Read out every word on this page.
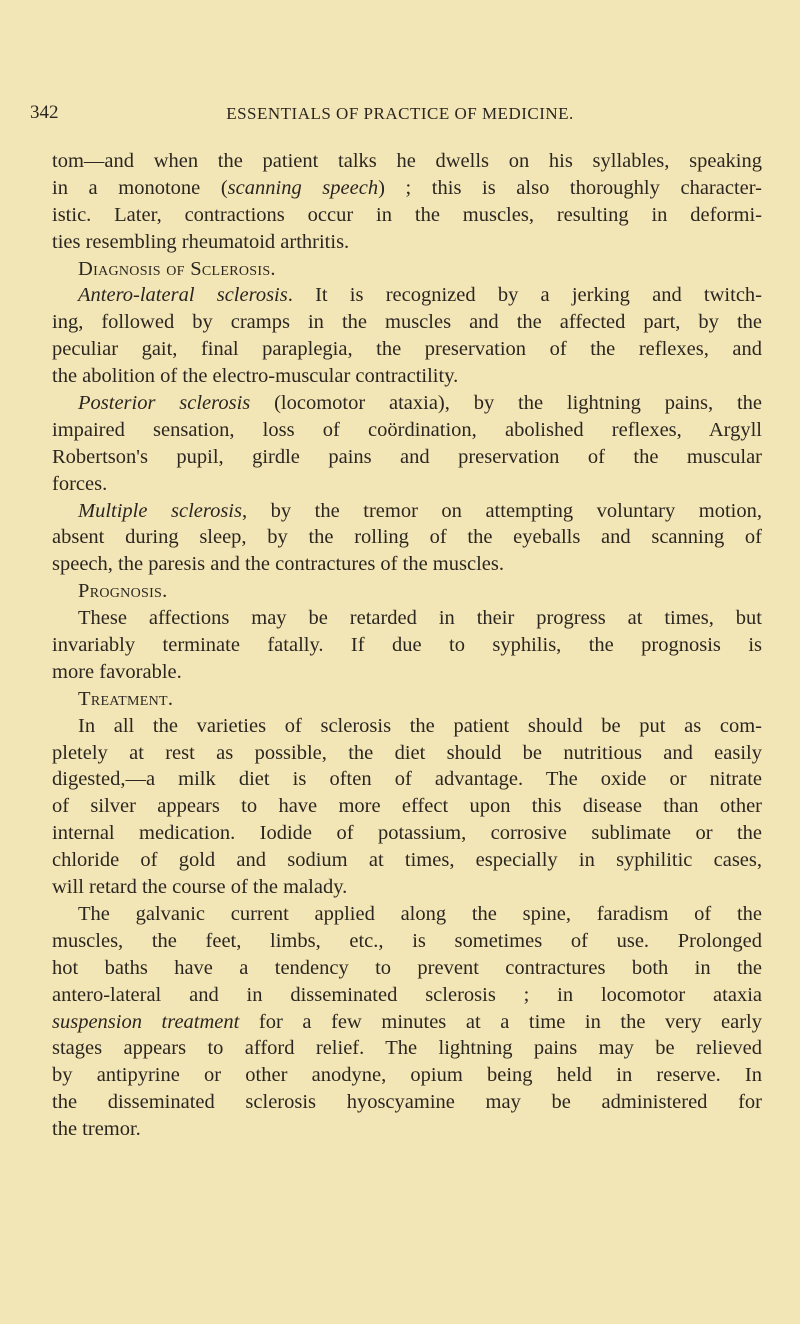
342	ESSENTIALS OF PRACTICE OF MEDICINE.
tom—and when the patient talks he dwells on his syllables, speaking
in a monotone (scanning speech) ; this is also thoroughly character-
istic. Later, contractions occur in the muscles, resulting in deformi-
ties resembling rheumatoid arthritis.
Diagnosis of Sclerosis.
Antero-lateral sclerosis. It is recognized by a jerking and twitch-
ing, followed by cramps in the muscles and the affected part, by the
peculiar gait, final paraplegia, the preservation of the reflexes, and
the abolition of the electro-muscular contractility.
Posterior sclerosis (locomotor ataxia), by the lightning pains, the
impaired sensation, loss of coördination, abolished reflexes, Argyll
Robertson's pupil, girdle pains and preservation of the muscular
forces.
Multiple sclerosis, by the tremor on attempting voluntary motion,
absent during sleep, by the rolling of the eyeballs and scanning of
speech, the paresis and the contractures of the muscles.
Prognosis.
These affections may be retarded in their progress at times, but
invariably terminate fatally. If due to syphilis, the prognosis is
more favorable.
Treatment.
In all the varieties of sclerosis the patient should be put as com-
pletely at rest as possible, the diet should be nutritious and easily
digested,—a milk diet is often of advantage. The oxide or nitrate
of silver appears to have more effect upon this disease than other
internal medication. Iodide of potassium, corrosive sublimate or the
chloride of gold and sodium at times, especially in syphilitic cases,
will retard the course of the malady.
The galvanic current applied along the spine, faradism of the
muscles, the feet, limbs, etc., is sometimes of use. Prolonged
hot baths have a tendency to prevent contractures both in the
antero-lateral and in disseminated sclerosis ; in locomotor ataxia
suspension treatment for a few minutes at a time in the very early
stages appears to afford relief. The lightning pains may be relieved
by antipyrine or other anodyne, opium being held in reserve. In
the disseminated sclerosis hyoscyamine may be administered for
the tremor.
